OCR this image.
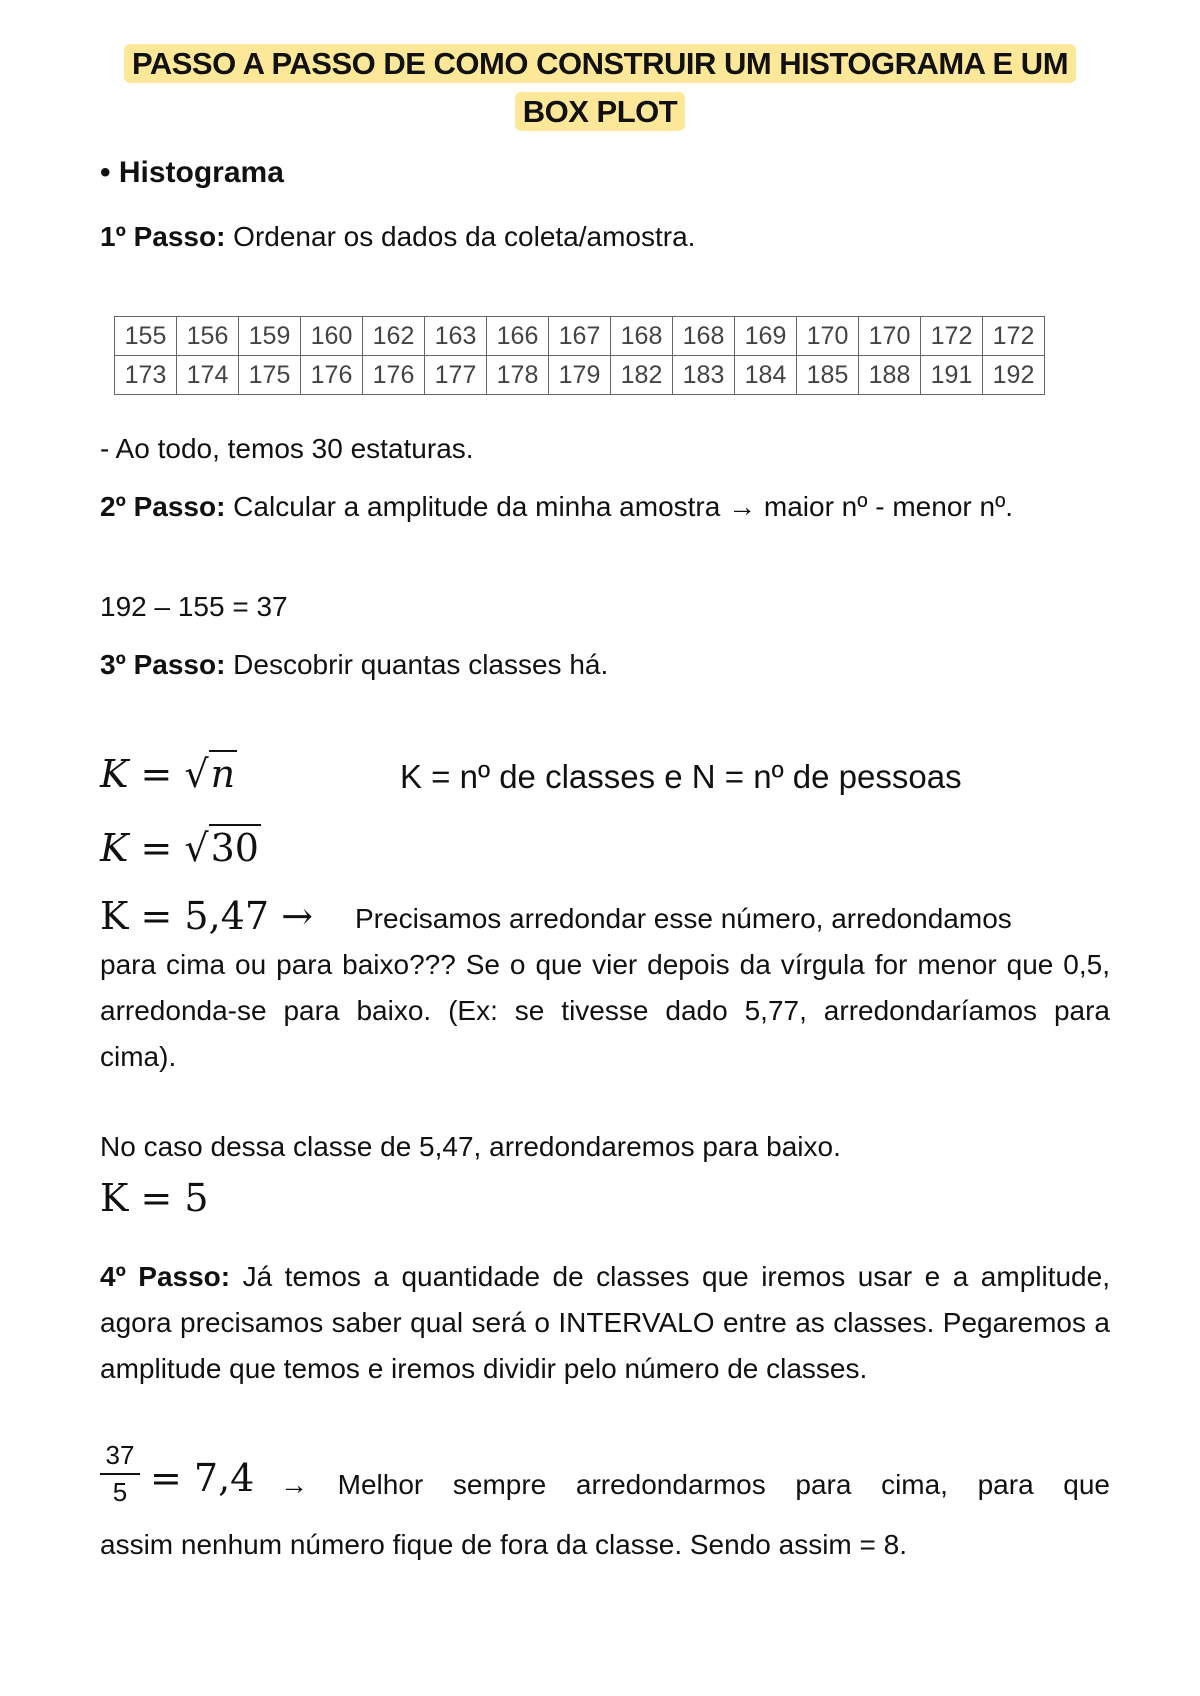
PASSO A PASSO DE COMO CONSTRUIR UM HISTOGRAMA E UM
BOX PLOT
• Histograma
1º Passo: Ordenar os dados da coleta/amostra.
155	156	159	160	162	163	166	167	168	168	169	170	170	172	172
173	174	175	176	176	177	178	179	182	183	184	185	188	191	192
- Ao todo, temos 30 estaturas.
2º Passo: Calcular a amplitude da minha amostra → maior nº - menor nº.
192 – 155 = 37
3º Passo: Descobrir quantas classes há.
K = √n	K = nº de classes e N = nº de pessoas
K = √30
K = 5,47 → Precisamos arredondar esse número, arredondamos
para cima ou para baixo??? Se o que vier depois da vírgula for menor que 0,5, arredonda-se para baixo. (Ex: se tivesse dado 5,77, arredondaríamos para cima).
No caso dessa classe de 5,47, arredondaremos para baixo.
K = 5
4º Passo: Já temos a quantidade de classes que iremos usar e a amplitude, agora precisamos saber qual será o INTERVALO entre as classes. Pegaremos a amplitude que temos e iremos dividir pelo número de classes.
$\frac{37}{5} = 7,4$ → Melhor sempre arredondarmos para cima, para que
assim nenhum número fique de fora da classe. Sendo assim = 8.
